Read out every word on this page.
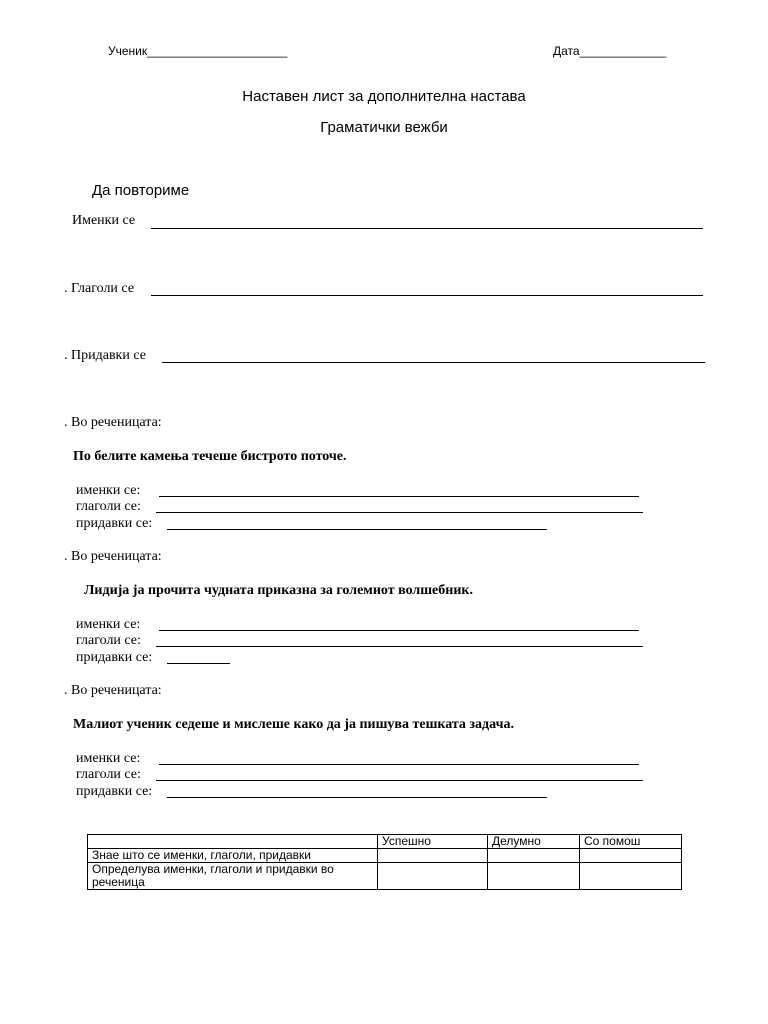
Ученик_____________________	Дата_____________
Наставен лист за дополнителна настава
Граматички вежби
Да повториме
Именки се
. Глаголи се
. Придавки се
. Во реченицата:
По белите камења течеше бистрото поточе.
именки се:
глаголи се:
придавки се:
. Во реченицата:
Лидија ја прочита чудната приказна за големиот волшебник.
именки се:
глаголи се:
придавки се:
. Во реченицата:
Малиот ученик седеше и мислеше како да ја пишува тешката задача.
именки се:
глаголи се:
придавки се:
	Успешно	Делумно	Со помош
Знае што се именки, глаголи, придавки			
Определува именки, глаголи и придавки во реченица			
